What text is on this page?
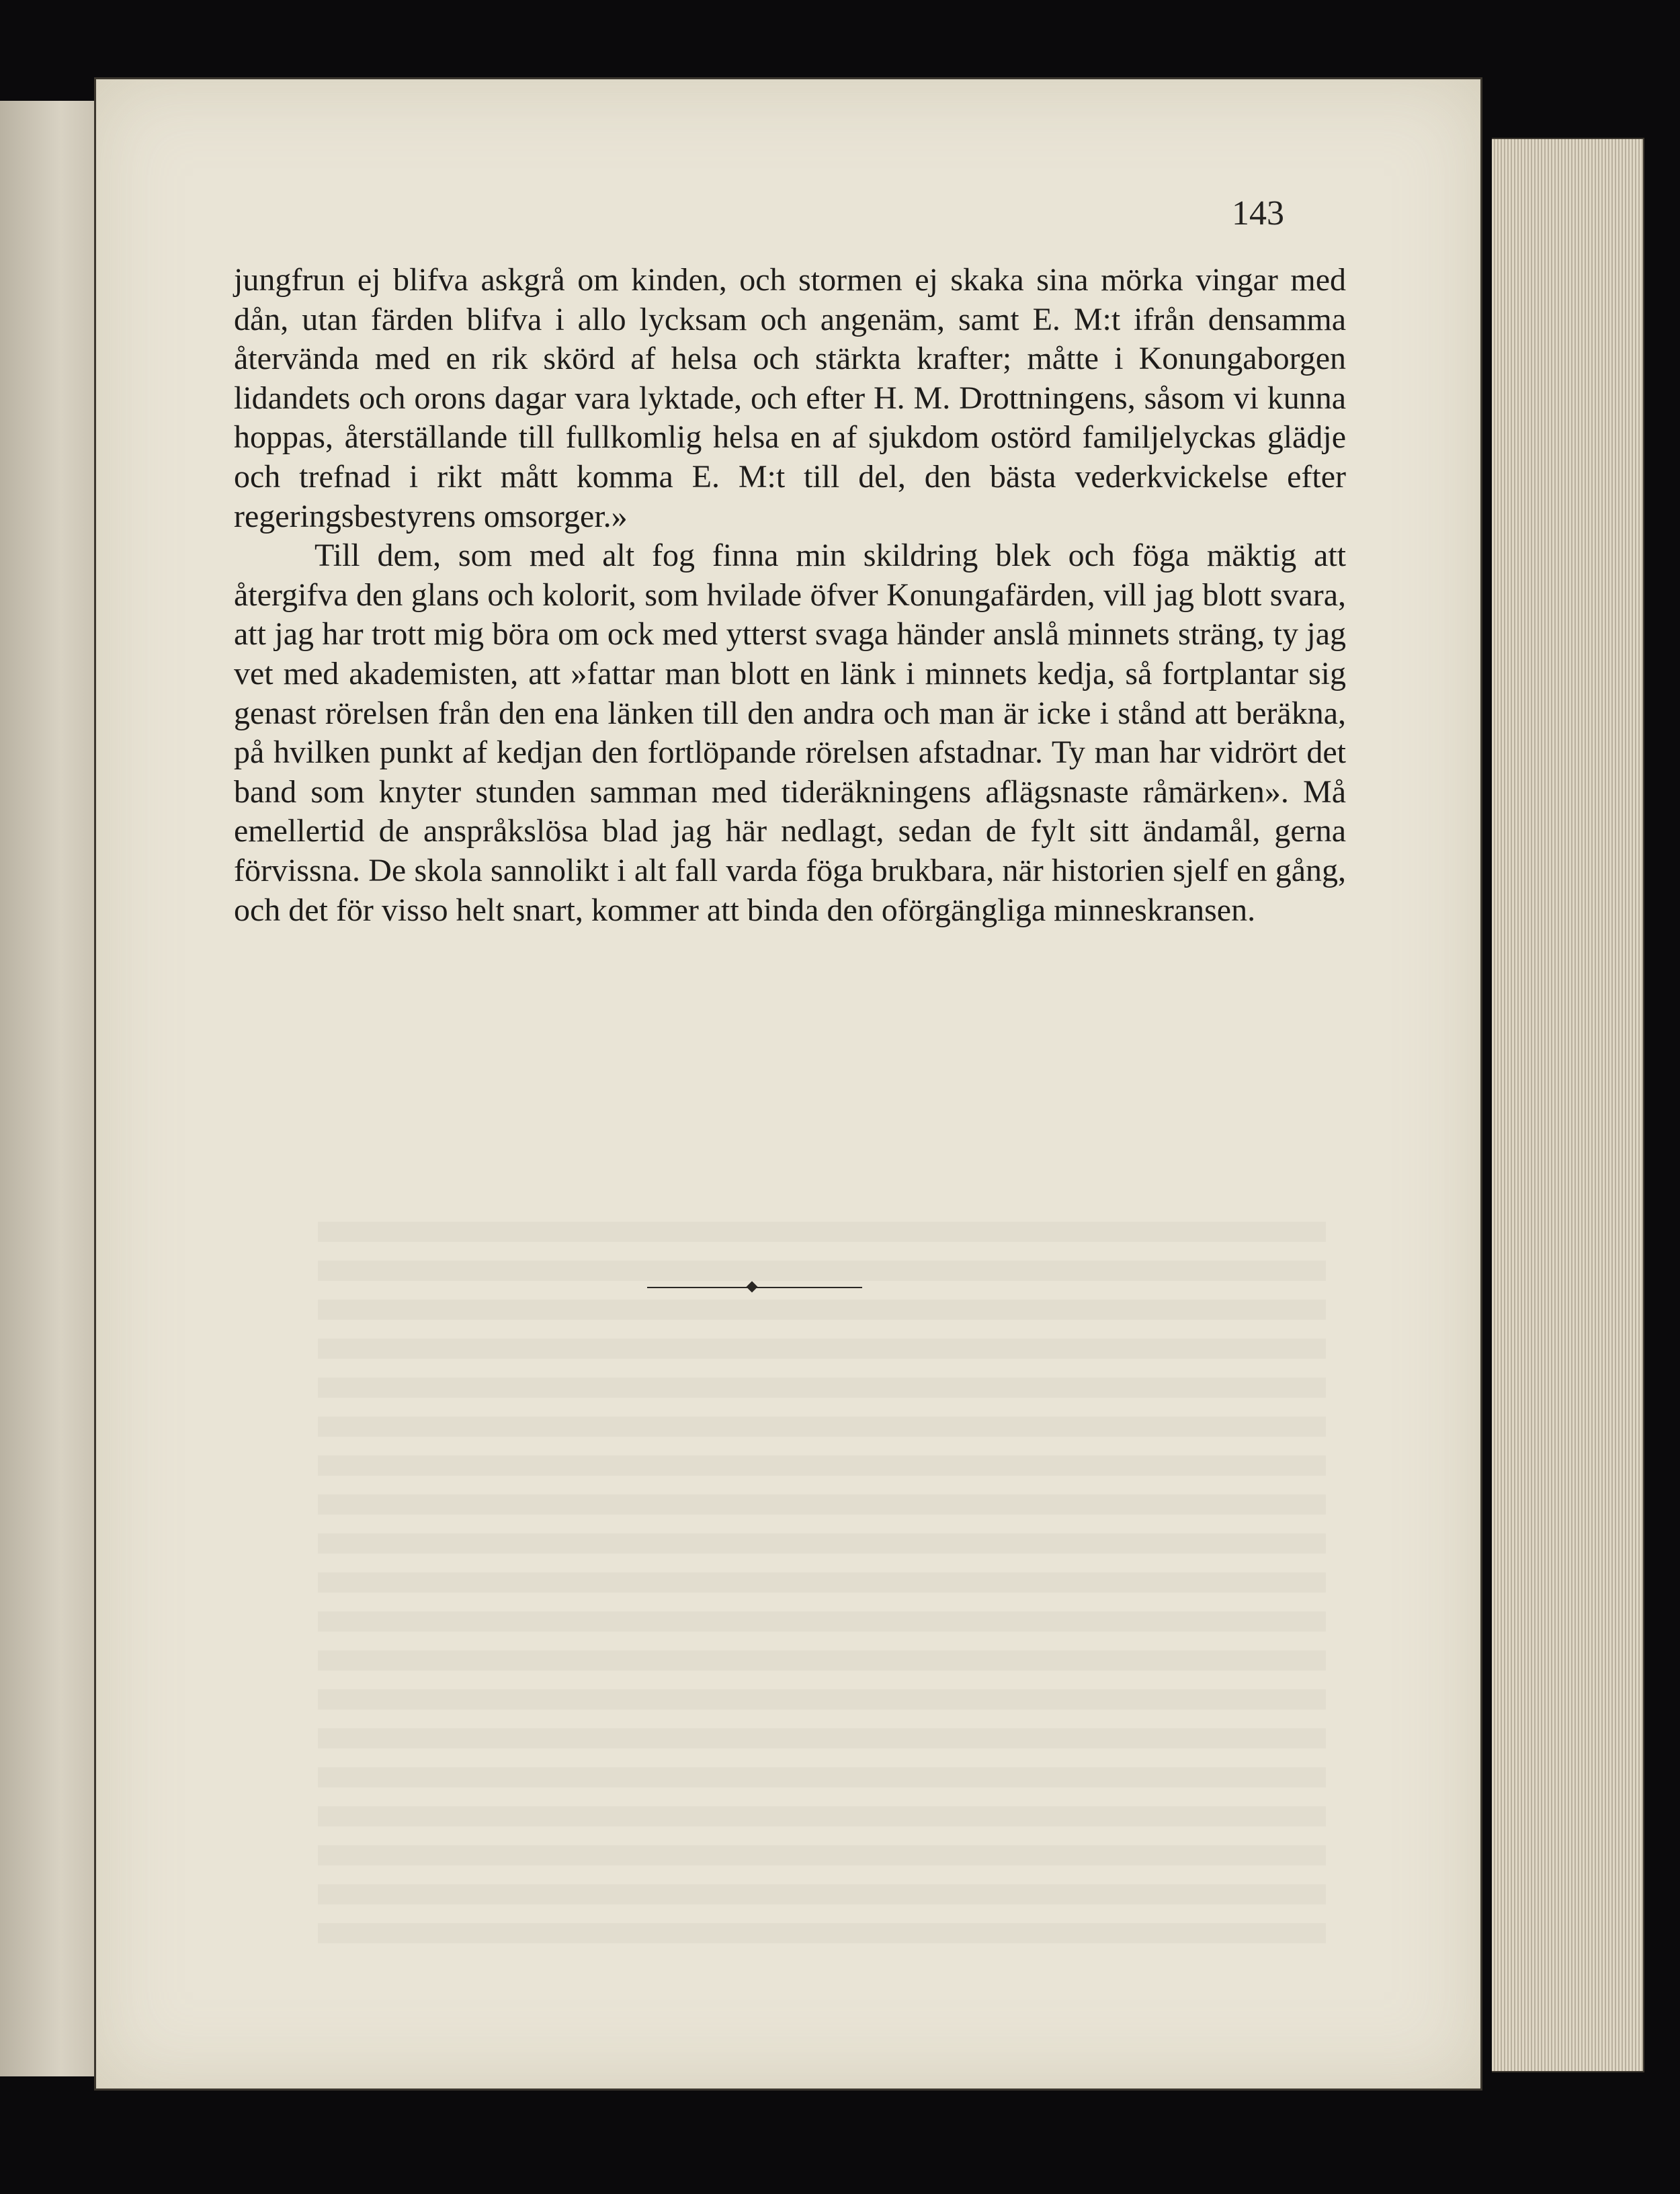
143

jungfrun ej blifva askgrå om kinden, och stormen ej skaka sina mörka vingar med dån, utan färden blifva i allo lycksam och angenäm, samt E. M:t ifrån densamma återvända med en rik skörd af helsa och stärkta krafter; måtte i Konungaborgen lidandets och orons dagar vara lyktade, och efter H. M. Drottningens, såsom vi kunna hoppas, återställande till fullkomlig helsa en af sjukdom ostörd familjelyckas glädje och trefnad i rikt mått komma E. M:t till del, den bästa vederkvickelse efter regeringsbestyrens omsorger.»

Till dem, som med alt fog finna min skildring blek och föga mäktig att återgifva den glans och kolorit, som hvilade öfver Konungafärden, vill jag blott svara, att jag har trott mig böra om ock med ytterst svaga händer anslå minnets sträng, ty jag vet med akademisten, att »fattar man blott en länk i minnets kedja, så fortplantar sig genast rörelsen från den ena länken till den andra och man är icke i stånd att beräkna, på hvilken punkt af kedjan den fortlöpande rörelsen afstadnar. Ty man har vidrört det band som knyter stunden samman med tideräkningens aflägsnaste råmärken». Må emellertid de anspråkslösa blad jag här nedlagt, sedan de fylt sitt ändamål, gerna förvissna. De skola sannolikt i alt fall varda föga brukbara, när historien sjelf en gång, och det för visso helt snart, kommer att binda den oförgängliga minneskransen.
